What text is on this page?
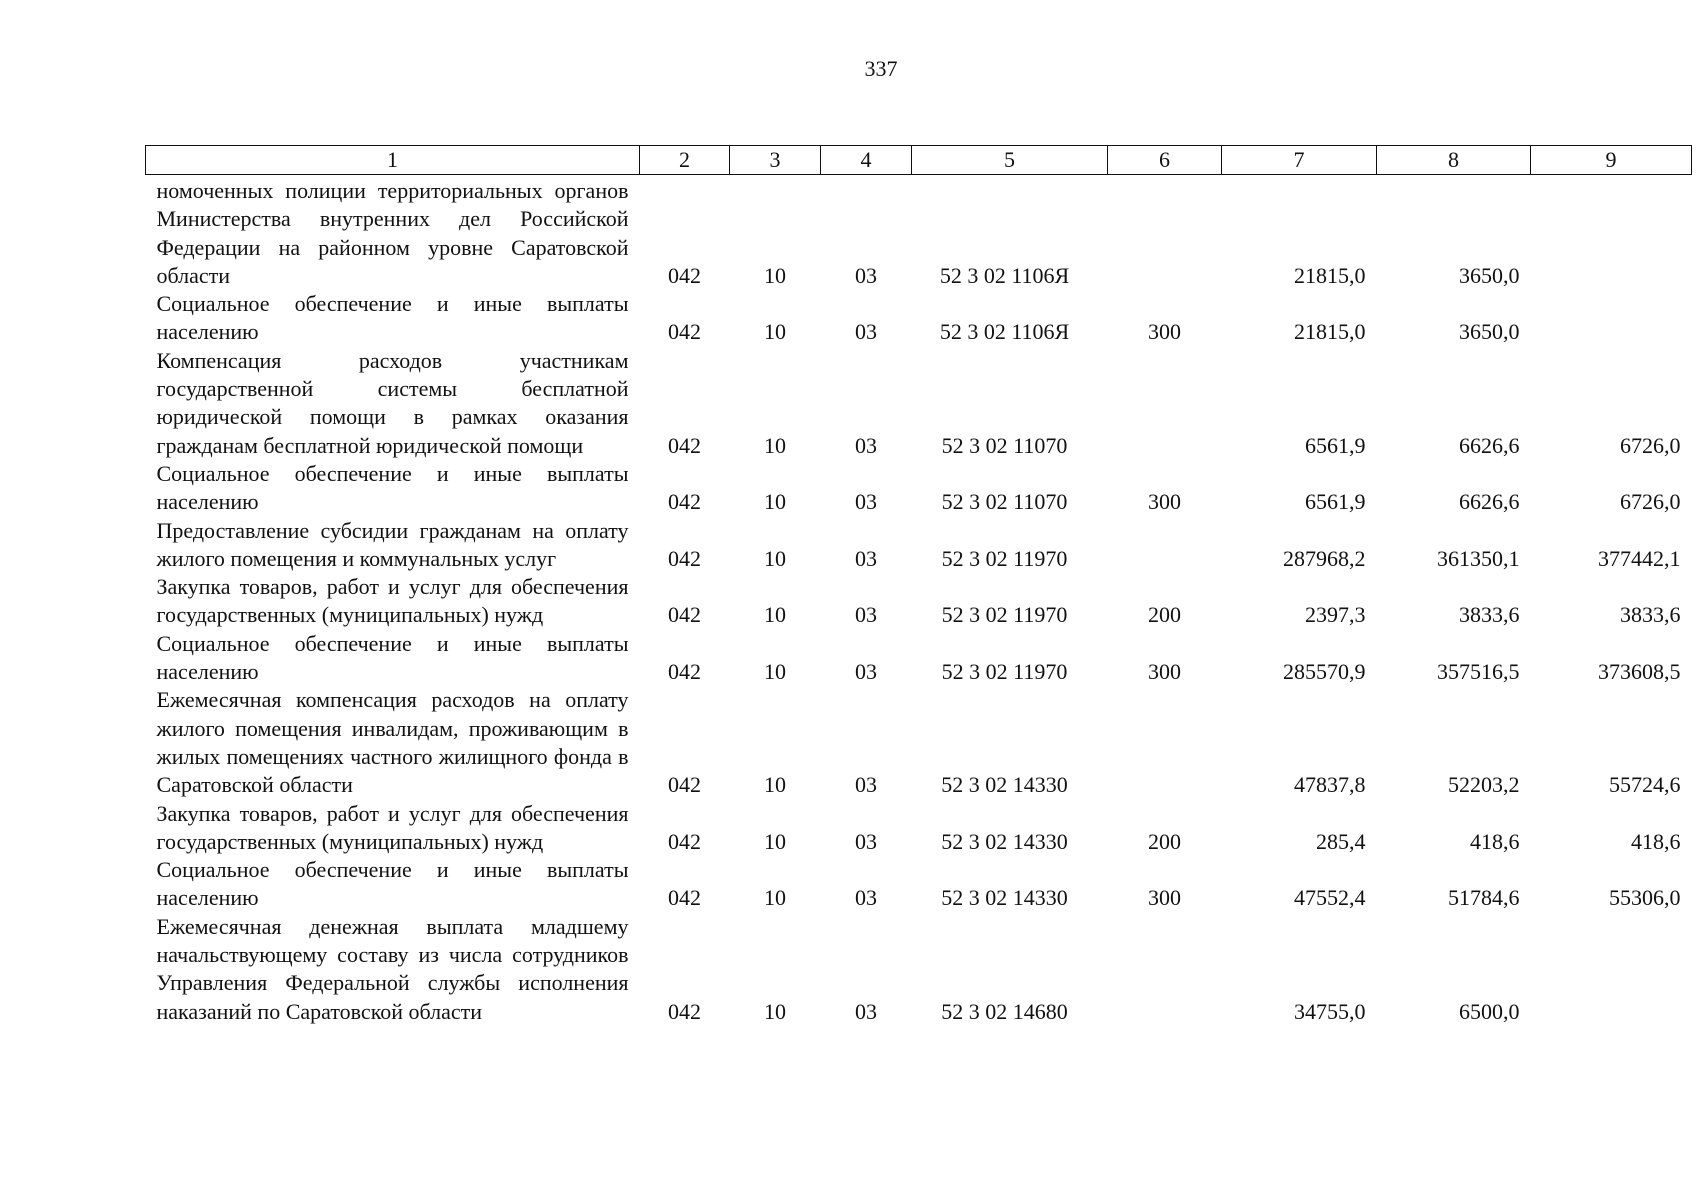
337
1	2	3	4	5	6	7	8	9
номоченных полиции территориальных органов Министерства внутренних дел Российской Федерации на районном уровне Саратовской области	042	10	03	52 3 02 1106Я		21815,0	3650,0	
Социальное обеспечение и иные выплаты населению	042	10	03	52 3 02 1106Я	300	21815,0	3650,0	
Компенсация расходов участникам государственной системы бесплатной юридической помощи в рамках оказания гражданам бесплатной юридической помощи	042	10	03	52 3 02 11070		6561,9	6626,6	6726,0
Социальное обеспечение и иные выплаты населению	042	10	03	52 3 02 11070	300	6561,9	6626,6	6726,0
Предоставление субсидии гражданам на оплату жилого помещения и коммунальных услуг	042	10	03	52 3 02 11970		287968,2	361350,1	377442,1
Закупка товаров, работ и услуг для обеспечения государственных (муниципальных) нужд	042	10	03	52 3 02 11970	200	2397,3	3833,6	3833,6
Социальное обеспечение и иные выплаты населению	042	10	03	52 3 02 11970	300	285570,9	357516,5	373608,5
Ежемесячная компенсация расходов на оплату жилого помещения инвалидам, проживающим в жилых помещениях частного жилищного фонда в Саратовской области	042	10	03	52 3 02 14330		47837,8	52203,2	55724,6
Закупка товаров, работ и услуг для обеспечения государственных (муниципальных) нужд	042	10	03	52 3 02 14330	200	285,4	418,6	418,6
Социальное обеспечение и иные выплаты населению	042	10	03	52 3 02 14330	300	47552,4	51784,6	55306,0
Ежемесячная денежная выплата младшему начальствующему составу из числа сотрудников Управления Федеральной службы исполнения наказаний по Саратовской области	042	10	03	52 3 02 14680		34755,0	6500,0	
